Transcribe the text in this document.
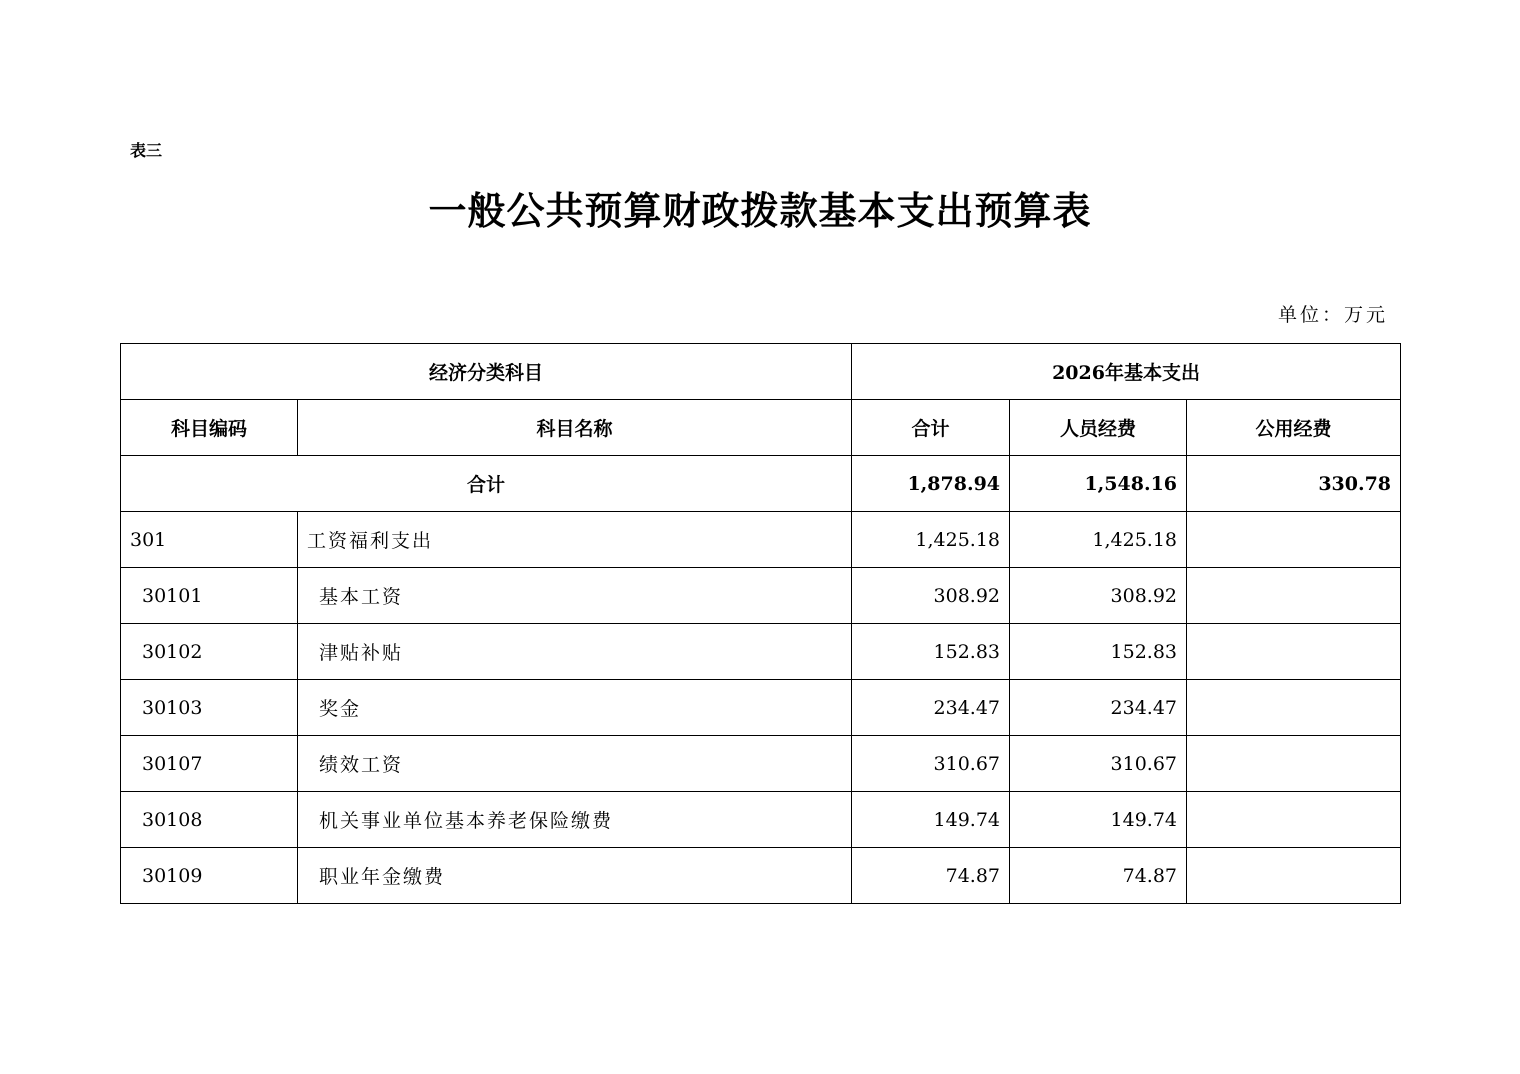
表三
一般公共预算财政拨款基本支出预算表
单位：万元
经济分类科目		2026年基本支出		
科目编码	科目名称	合计	人员经费	公用经费
合计		1,878.94	1,548.16	330.78
301	工资福利支出	1,425.18	1,425.18	
30101	基本工资	308.92	308.92	
30102	津贴补贴	152.83	152.83	
30103	奖金	234.47	234.47	
30107	绩效工资	310.67	310.67	
30108	机关事业单位基本养老保险缴费	149.74	149.74	
30109	职业年金缴费	74.87	74.87	
